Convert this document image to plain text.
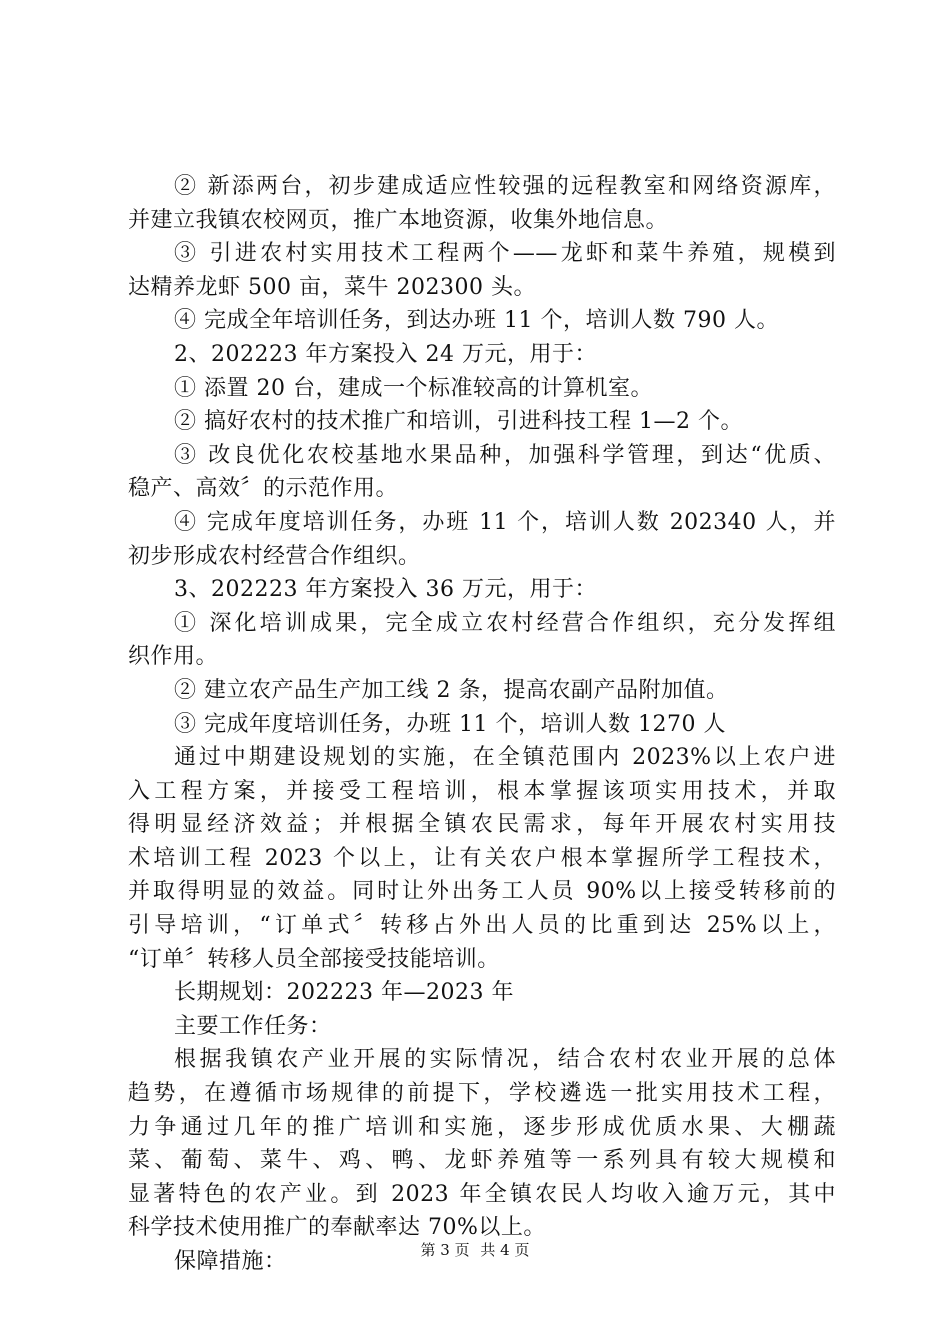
② 新添两台，初步建成适应性较强的远程教室和网络资源库，
并建立我镇农校网页，推广本地资源，收集外地信息。
③ 引进农村实用技术工程两个——龙虾和菜牛养殖，规模到
达精养龙虾 500 亩，菜牛 202300 头。
④ 完成全年培训任务，到达办班 11 个，培训人数 790 人。
2、202223 年方案投入 24 万元，用于：
① 添置 20 台，建成一个标准较高的计算机室。
② 搞好农村的技术推广和培训，引进科技工程 1—2 个。
③ 改良优化农校基地水果品种，加强科学管理，到达“优质、
稳产、高效〞的示范作用。
④ 完成年度培训任务，办班 11 个，培训人数 202340 人，并
初步形成农村经营合作组织。
3、202223 年方案投入 36 万元，用于：
① 深化培训成果，完全成立农村经营合作组织，充分发挥组
织作用。
② 建立农产品生产加工线 2 条，提高农副产品附加值。
③ 完成年度培训任务，办班 11 个，培训人数 1270 人
通过中期建设规划的实施，在全镇范围内 2023%以上农户进
入工程方案，并接受工程培训，根本掌握该项实用技术，并取
得明显经济效益；并根据全镇农民需求，每年开展农村实用技
术培训工程 2023 个以上，让有关农户根本掌握所学工程技术，
并取得明显的效益。同时让外出务工人员 90%以上接受转移前的
引导培训，“订单式〞转移占外出人员的比重到达 25%以上，
“订单〞转移人员全部接受技能培训。
长期规划：202223 年—2023 年
主要工作任务：
根据我镇农产业开展的实际情况，结合农村农业开展的总体
趋势，在遵循市场规律的前提下，学校遴选一批实用技术工程，
力争通过几年的推广培训和实施，逐步形成优质水果、大棚蔬
菜、葡萄、菜牛、鸡、鸭、龙虾养殖等一系列具有较大规模和
显著特色的农产业。到 2023 年全镇农民人均收入逾万元，其中
科学技术使用推广的奉献率达 70%以上。
保障措施：	第 3 页 共 4 页
